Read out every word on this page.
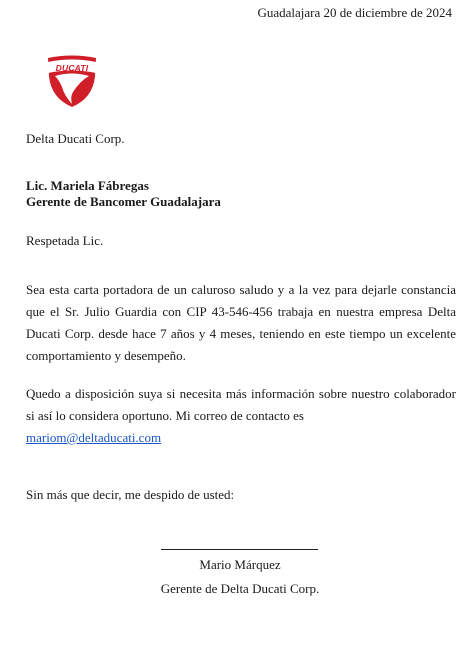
Guadalajara 20 de diciembre de 2024
DUCATI
Delta Ducati Corp.
Lic. Mariela Fábregas
Gerente de Bancomer Guadalajara
Respetada Lic.
Sea esta carta portadora de un caluroso saludo y a la vez para dejarle constancia que el Sr. Julio Guardia con CIP 43-546-456 trabaja en nuestra empresa Delta Ducati Corp. desde hace 7 años y 4 meses, teniendo en este tiempo un excelente comportamiento y desempeño.
Quedo a disposición suya si necesita más información sobre nuestro colaborador si así lo considera oportuno. Mi correo de contacto es
mariom@deltaducati.com
Sin más que decir, me despido de usted:
Mario Márquez
Gerente de Delta Ducati Corp.
